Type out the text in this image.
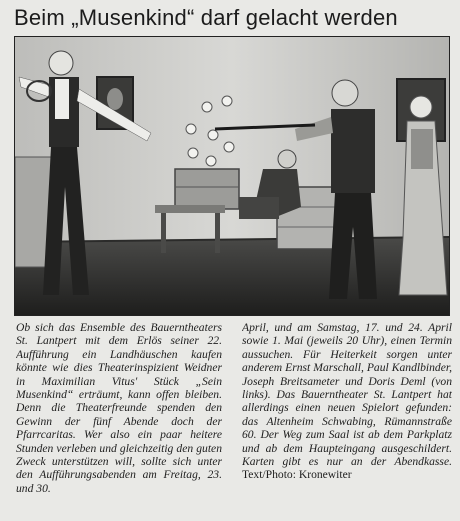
Beim „Musenkind“ darf gelacht werden
Ob sich das Ensemble des Bauerntheaters St. Lantpert mit dem Erlös seiner 22. Aufführung ein Landhäuschen kaufen könnte wie dies Theaterinspizient Weidner in Maximilian Vitus' Stück „Sein Musenkind“ erträumt, kann offen bleiben. Denn die Theaterfreunde spenden den Gewinn der fünf Abende doch der Pfarrcaritas. Wer also ein paar heitere Stunden verleben und gleichzeitig den guten Zweck unterstützen will, sollte sich unter den Aufführungsabenden am Freitag, 23. und 30.
April, und am Samstag, 17. und 24. April sowie 1. Mai (jeweils 20 Uhr), einen Termin aussuchen. Für Heiterkeit sorgen unter anderem Ernst Marschall, Paul Kandlbinder, Joseph Breitsameter und Doris Deml (von links). Das Bauerntheater St. Lantpert hat allerdings einen neuen Spielort gefunden: das Altenheim Schwabing, Rümannstraße 60. Der Weg zum Saal ist ab dem Parkplatz und ab dem Haupteingang ausgeschildert. Karten gibt es nur an der Abendkasse. Text/Photo: Kronewiter
